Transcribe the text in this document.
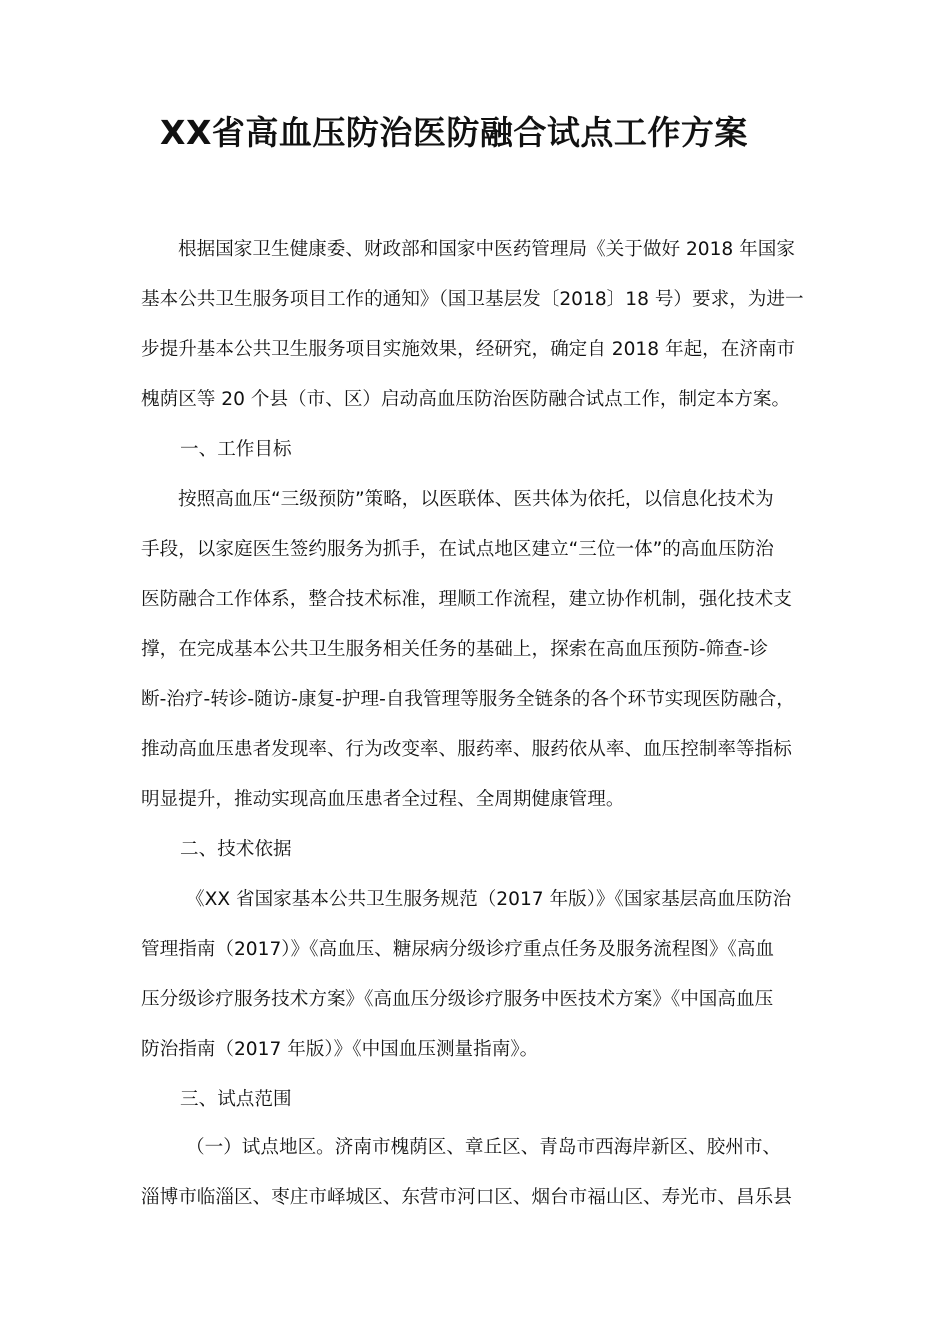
XX省高血压防治医防融合试点工作方案

根据国家卫生健康委、财政部和国家中医药管理局《关于做好 2018 年国家

基本公共卫生服务项目工作的通知》（国卫基层发〔2018〕18 号）要求，为进一

步提升基本公共卫生服务项目实施效果，经研究，确定自 2018 年起，在济南市

槐荫区等 20 个县（市、区）启动高血压防治医防融合试点工作，制定本方案。

一、工作目标

按照高血压“三级预防”策略，以医联体、医共体为依托，以信息化技术为

手段，以家庭医生签约服务为抓手，在试点地区建立“三位一体”的高血压防治

医防融合工作体系，整合技术标准，理顺工作流程，建立协作机制，强化技术支

撑，在完成基本公共卫生服务相关任务的基础上，探索在高血压预防-筛查-诊

断-治疗-转诊-随访-康复-护理-自我管理等服务全链条的各个环节实现医防融合，

推动高血压患者发现率、行为改变率、服药率、服药依从率、血压控制率等指标

明显提升，推动实现高血压患者全过程、全周期健康管理。

二、技术依据

《XX 省国家基本公共卫生服务规范（2017 年版）》《国家基层高血压防治

管理指南（2017）》《高血压、糖尿病分级诊疗重点任务及服务流程图》《高血

压分级诊疗服务技术方案》《高血压分级诊疗服务中医技术方案》《中国高血压

防治指南（2017 年版）》《中国血压测量指南》。

三、试点范围

（一）试点地区。济南市槐荫区、章丘区、青岛市西海岸新区、胶州市、

淄博市临淄区、枣庄市峄城区、东营市河口区、烟台市福山区、寿光市、昌乐县
